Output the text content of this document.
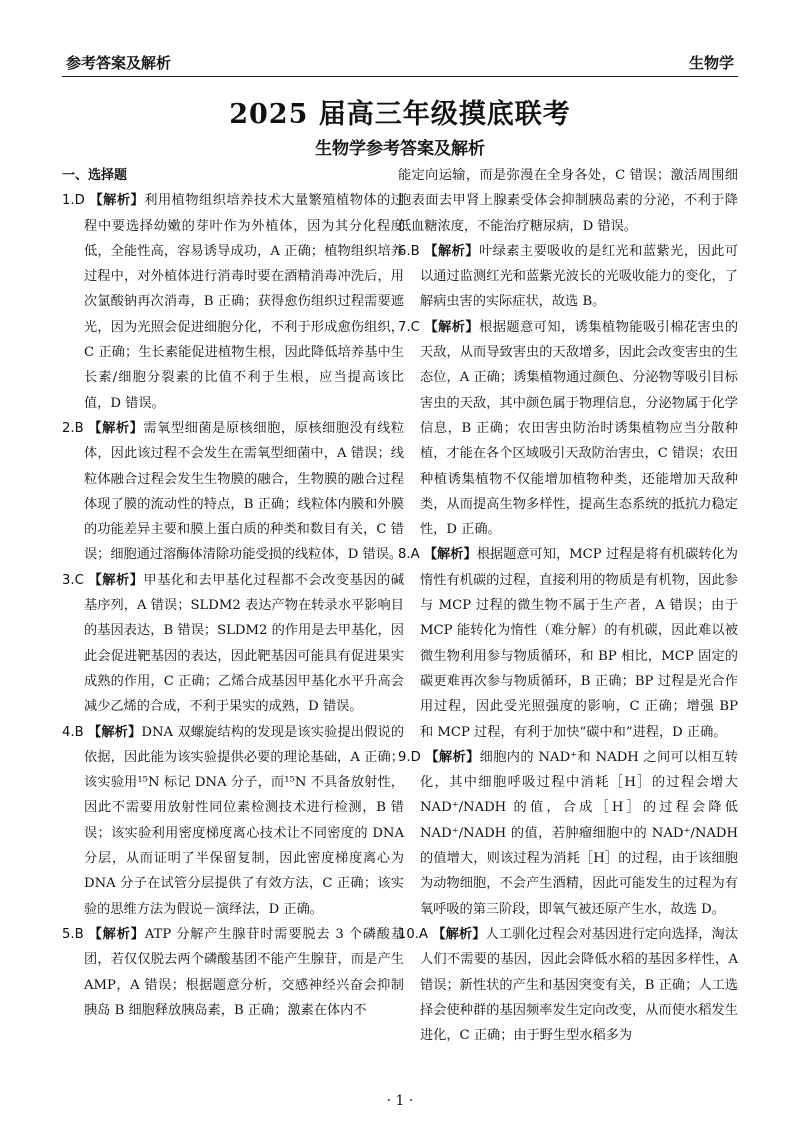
参考答案及解析	生物学
2025 届高三年级摸底联考
生物学参考答案及解析
一、选择题

1.D 【解析】利用植物组织培养技术大量繁殖植物体的过程中要选择幼嫩的芽叶作为外植体，因为其分化程度低，全能性高，容易诱导成功，A 正确；植物组织培养过程中，对外植体进行消毒时要在酒精消毒冲洗后，用次氯酸钠再次消毒，B 正确；获得愈伤组织过程需要遮光，因为光照会促进细胞分化，不利于形成愈伤组织，C 正确；生长素能促进植物生根，因此降低培养基中生长素/细胞分裂素的比值不利于生根，应当提高该比值，D 错误。

2.B 【解析】需氧型细菌是原核细胞，原核细胞没有线粒体，因此该过程不会发生在需氧型细菌中，A 错误；线粒体融合过程会发生生物膜的融合，生物膜的融合过程体现了膜的流动性的特点，B 正确；线粒体内膜和外膜的功能差异主要和膜上蛋白质的种类和数目有关，C 错误；细胞通过溶酶体清除功能受损的线粒体，D 错误。

3.C 【解析】甲基化和去甲基化过程都不会改变基因的碱基序列，A 错误；SLDM2 表达产物在转录水平影响目的基因表达，B 错误；SLDM2 的作用是去甲基化，因此会促进靶基因的表达，因此靶基因可能具有促进果实成熟的作用，C 正确；乙烯合成基因甲基化水平升高会减少乙烯的合成，不利于果实的成熟，D 错误。

4.B 【解析】DNA 双螺旋结构的发现是该实验提出假说的依据，因此能为该实验提供必要的理论基础，A 正确；该实验用¹⁵N 标记 DNA 分子，而¹⁵N 不具备放射性，因此不需要用放射性同位素检测技术进行检测，B 错误；该实验利用密度梯度离心技术让不同密度的 DNA 分层，从而证明了半保留复制，因此密度梯度离心为 DNA 分子在试管分层提供了有效方法，C 正确；该实验的思维方法为假说－演绎法，D 正确。

5.B 【解析】ATP 分解产生腺苷时需要脱去 3 个磷酸基团，若仅仅脱去两个磷酸基团不能产生腺苷，而是产生 AMP，A 错误；根据题意分析，交感神经兴奋会抑制胰岛 B 细胞释放胰岛素，B 正确；激素在体内不

能定向运输，而是弥漫在全身各处，C 错误；激活周围细胞表面去甲肾上腺素受体会抑制胰岛素的分泌，不利于降低血糖浓度，不能治疗糖尿病，D 错误。

6.B 【解析】叶绿素主要吸收的是红光和蓝紫光，因此可以通过监测红光和蓝紫光波长的光吸收能力的变化，了解病虫害的实际症状，故选 B。

7.C 【解析】根据题意可知，诱集植物能吸引棉花害虫的天敌，从而导致害虫的天敌增多，因此会改变害虫的生态位，A 正确；诱集植物通过颜色、分泌物等吸引目标害虫的天敌，其中颜色属于物理信息，分泌物属于化学信息，B 正确；农田害虫防治时诱集植物应当分散种植，才能在各个区域吸引天敌防治害虫，C 错误；农田种植诱集植物不仅能增加植物种类，还能增加天敌种类，从而提高生物多样性，提高生态系统的抵抗力稳定性，D 正确。

8.A 【解析】根据题意可知，MCP 过程是将有机碳转化为惰性有机碳的过程，直接利用的物质是有机物，因此参与 MCP 过程的微生物不属于生产者，A 错误；由于 MCP 能转化为惰性（难分解）的有机碳，因此难以被微生物利用参与物质循环，和 BP 相比，MCP 固定的碳更难再次参与物质循环，B 正确；BP 过程是光合作用过程，因此受光照强度的影响，C 正确；增强 BP 和 MCP 过程，有利于加快“碳中和”进程，D 正确。

9.D 【解析】细胞内的 NAD⁺和 NADH 之间可以相互转化，其中细胞呼吸过程中消耗［H］的过程会增大 NAD⁺/NADH 的值，合成［H］的过程会降低 NAD⁺/NADH 的值，若肿瘤细胞中的 NAD⁺/NADH的值增大，则该过程为消耗［H］的过程，由于该细胞为动物细胞，不会产生酒精，因此可能发生的过程为有氧呼吸的第三阶段，即氧气被还原产生水，故选 D。

10.A 【解析】人工驯化过程会对基因进行定向选择，淘汰人们不需要的基因，因此会降低水稻的基因多样性，A 错误；新性状的产生和基因突变有关，B 正确；人工选择会使种群的基因频率发生定向改变，从而使水稻发生进化，C 正确；由于野生型水稻多为

· 1 ·
